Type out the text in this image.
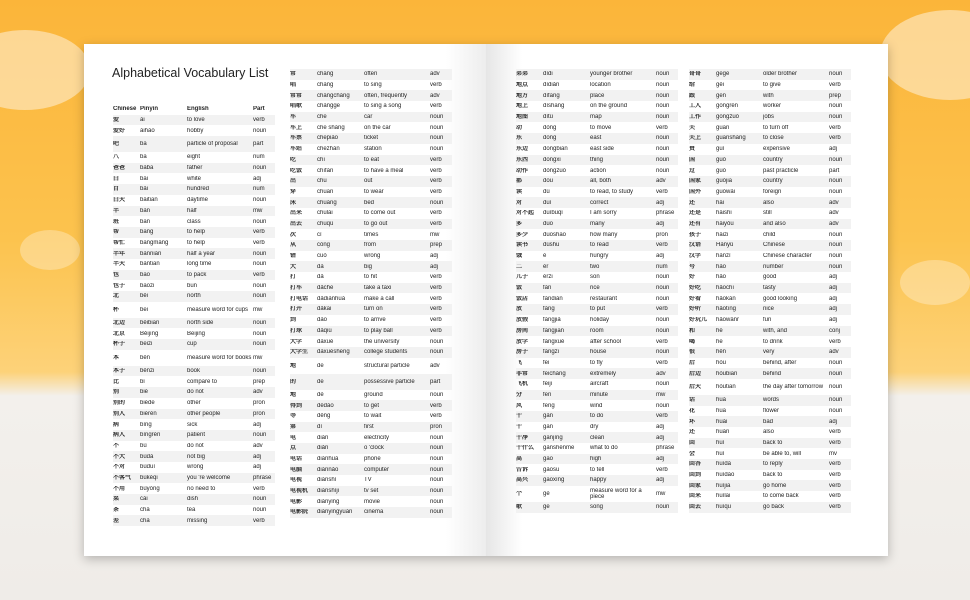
Alphabetical Vocabulary List
Chinese Pinyin	English	Part
爱	ài	to love	verb
爱好	àihào	hobby	noun
吧	ba	particle of proposal	part
八	bā	eight	num
爸爸	bàba	father	noun
白	bái	white	adj
百	bǎi	hundred	num
白天	báitiān	daytime	noun
半	bàn	half	mw
班	bān	class	noun
帮	bāng	to help	verb
帮忙	bāngmáng	to help	verb
半年	bànnián	half a year	noun
半天	bàntiān	long time	noun
包	bāo	to pack	verb
包子	bāozi	bun	noun
北	běi	north	noun
杯	bēi	measure word for cups mw
北边	běibiān	north side	noun
北京	Běijīng	Beijing	noun
杯子	bēizi	cup	noun
本	běn	measure word for books mw
本子	běnzi	book	noun
比	bǐ	compare to	prep
别	bié	do not	adv
别的	biéde	other	pron
别人	biérén	other people	pron
病	bìng	sick	adj
病人	bìngrén	patient	noun
不	bù	do not	adv
不大	bùdà	not big	adj
不对	bùduì	wrong	adj
不客气	bùkèqi	you 're welcome	phrase
不用	bùyòng	no need to	verb
菜	cài	dish	noun
茶	chá	tea	noun
差	chà	missing	verb
常	cháng	often	adv
唱	chàng	to sing	verb
常常	chángcháng	often, frequently	adv
唱歌	chànggē	to sing a song	verb
车	chē	car	noun
车上	chē shàng	on the car	noun
车票	chēpiào	ticket	noun
车站	chēzhàn	station	noun
吃	chī	to eat	verb
吃饭	chīfàn	to have a meal	verb
出	chū	out	verb
穿	chuān	to wear	verb
床	chuáng	bed	noun
出来	chūlái	to come out	verb
出去	chūqù	to go out	verb
次	cì	times	mw
从	cóng	from	prep
错	cuò	wrong	adj
大	dà	big	adj
打	dǎ	to hit	verb
打车	dǎchē	take a taxi	verb
打电话	dǎdiànhuà	make a call	verb
打开	dǎkāi	turn on	verb
到	dào	to arrive	verb
打球	dǎqiú	to play ball	verb
大学	dàxué	the university	noun
大学生	dàxuéshēng	college students	noun
地	de	structural particle	adv
的	de	possessive particle	part
地	dè	ground	noun
得到	dédào	to get	verb
等	děng	to wait	verb
第	dì	first	pron
电	diàn	electricity	noun
点	diǎn	o 'clock	noun
电话	diànhuà	phone	noun
电脑	diànnǎo	computer	noun
电视	diànshì	TV	noun
电视机	diànshìjī	tv set	noun
电影	diànyǐng	movie	noun
电影院	diànyǐngyuàn	cinema	noun
弟弟	dìdi	younger brother	noun
地点	dìdiǎn	location	noun
地方	dìfang	place	noun
地上	dìshang	on the ground	noun
地图	dìtú	map	noun
动	dòng	to move	verb
东	dōng	east	noun
东边	dōngbian	east side	noun
东西	dōngxi	thing	noun
动作	dòngzuò	action	noun
都	dōu	all, both	adv
读	dú	to read, to study	verb
对	duì	correct	adj
对不起	duìbuqǐ	I am sorry	phrase
多	duō	many	adj
多少	duōshao	how many	pron
读书	dúshū	to read	verb
饿	è	hungry	adj
二	èr	two	num
儿子	érzi	son	noun
饭	fàn	rice	noun
饭店	fàndiàn	restaurant	noun
放	fàng	to put	verb
放假	fàngjià	holiday	noun
房间	fángjiān	room	noun
放学	fàngxué	after school	verb
房子	fángzi	house	noun
飞	fēi	to fly	verb
非常	fēicháng	extremely	adv
飞机	fēijī	aircraft	noun
分	fēn	minute	mw
风	fēng	wind	noun
干	gàn	to do	verb
干	gān	dry	adj
干净	gānjìng	clean	adj
干什么	gànshénme	what to do	phrase
高	gāo	high	adj
告诉	gàosu	to tell	verb
高兴	gāoxìng	happy	adj
个	gè	measure word for a piece	mw
歌	gē	song	noun
哥哥	gēge	older brother	noun
给	gěi	to give	verb
跟	gēn	with	prep
工人	gōngrén	worker	noun
工作	gōngzuò	jobs	noun
关	guān	to turn off	verb
关上	guānshàng	to close	verb
贵	guì	expensive	adj
国	guó	country	noun
过	guò	past practicle	part
国家	guójiā	country	noun
国外	guówài	foreign	noun
还	hái	also	adv
还是	háishi	still	adv
还有	háiyǒu	and also	adv
孩子	háizi	child	noun
汉语	Hànyǔ	Chinese	noun
汉字	hànzì	Chinese character	noun
号	hào	number	noun
好	hǎo	good	adj
好吃	hǎochī	tasty	adj
好看	hǎokàn	good looking	adj
好听	hǎotīng	nice	adj
好玩儿	hǎowánr	fun	adj
和	hé	with, and	conj
喝	hē	to drink	verb
很	hěn	very	adv
后	hòu	behind, after	noun
后边	hòubian	behind	noun
后天	hòutiān	the day after tomorrow noun
话	huà	words	noun
花	huā	flower	noun
坏	huài	bad	adj
还	huán	also	verb
回	huí	back to	verb
会	huì	be able to, will	mv
回答	huídá	to reply	verb
回到	huídào	back to	verb
回家	huíjiā	go home	verb
回来	huílai	to come back	verb
回去	huíqu	go back	verb
